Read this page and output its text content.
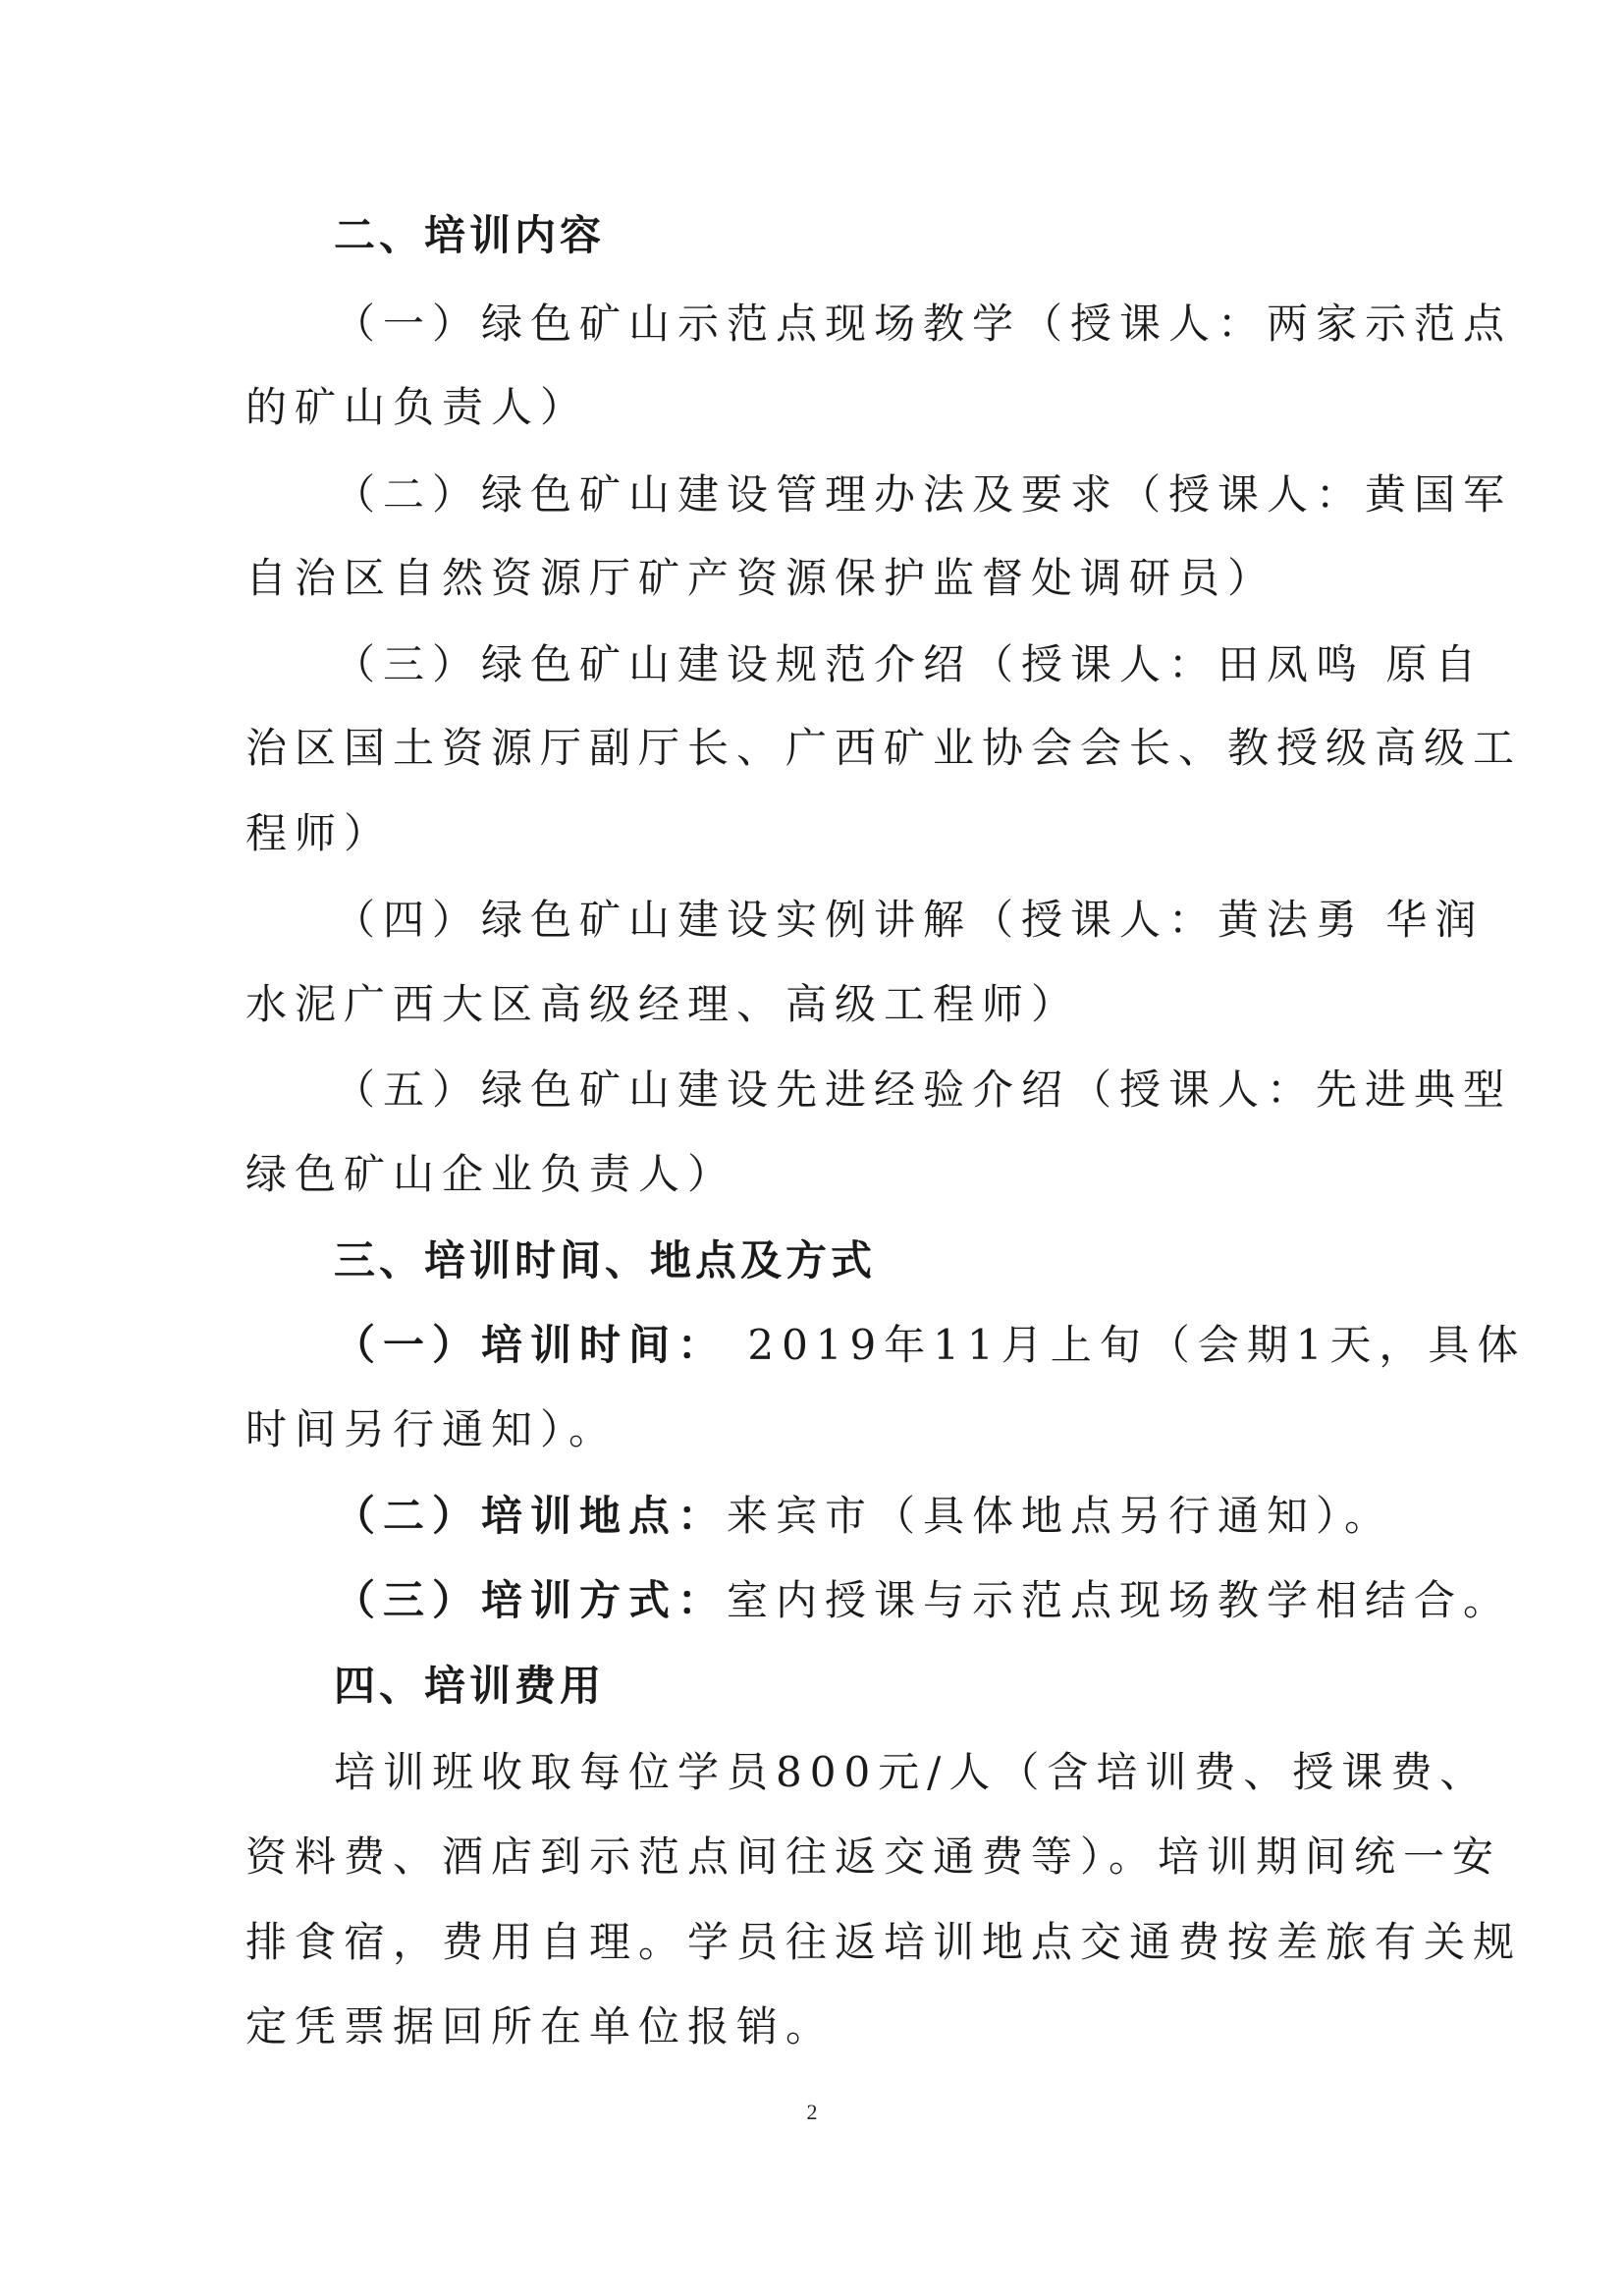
二、培训内容
（一）绿色矿山示范点现场教学（授课人：两家示范点
的矿山负责人）
（二）绿色矿山建设管理办法及要求（授课人：黄国军
自治区自然资源厅矿产资源保护监督处调研员）
（三）绿色矿山建设规范介绍（授课人：田凤鸣 原自
治区国土资源厅副厅长、广西矿业协会会长、教授级高级工
程师）
（四）绿色矿山建设实例讲解（授课人：黄法勇 华润
水泥广西大区高级经理、高级工程师）
（五）绿色矿山建设先进经验介绍（授课人：先进典型
绿色矿山企业负责人）
三、培训时间、地点及方式
（一）培训时间： 2019年11月上旬（会期1天，具体
时间另行通知）。
（二）培训地点：来宾市（具体地点另行通知）。
（三）培训方式：室内授课与示范点现场教学相结合。
四、培训费用
培训班收取每位学员800元/人（含培训费、授课费、
资料费、酒店到示范点间往返交通费等）。培训期间统一安
排食宿，费用自理。学员往返培训地点交通费按差旅有关规
定凭票据回所在单位报销。
2
